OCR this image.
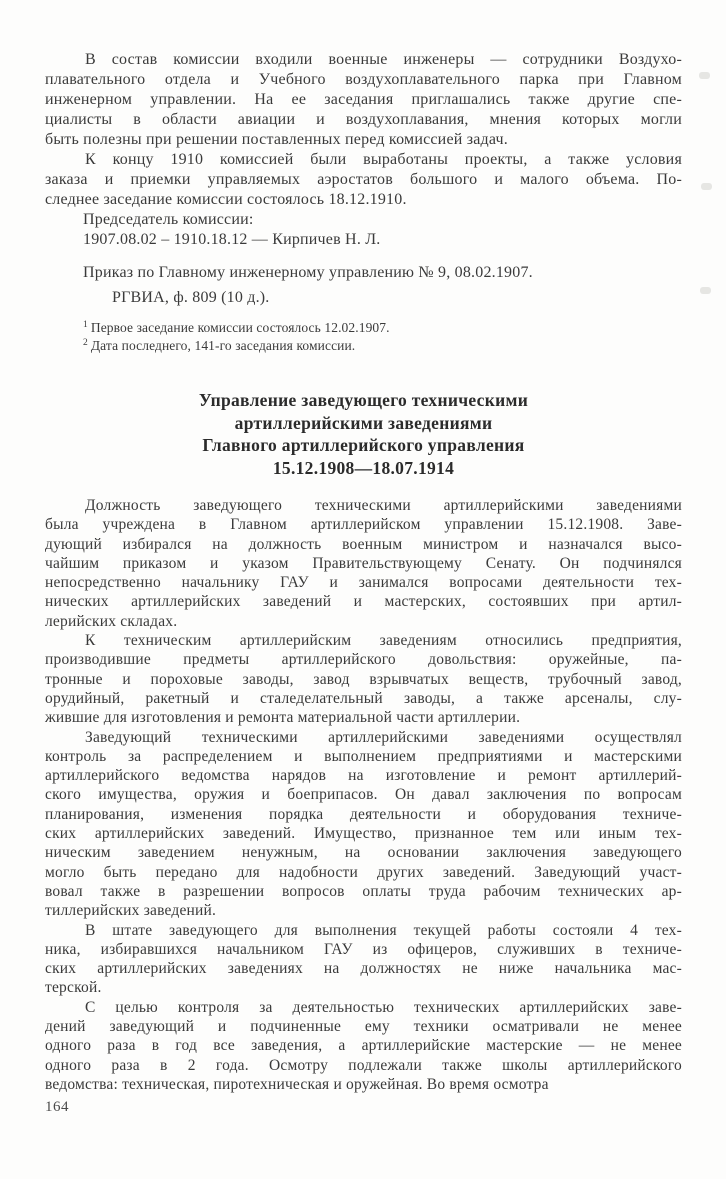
В состав комиссии входили военные инженеры — сотрудники Воздухо-
плавательного отдела и Учебного воздухоплавательного парка при Главном
инженерном управлении. На ее заседания приглашались также другие спе-
циалисты в области авиации и воздухоплавания, мнения которых могли
быть полезны при решении поставленных перед комиссией задач.
К концу 1910 комиссией были выработаны проекты, а также условия
заказа и приемки управляемых аэростатов большого и малого объема. По-
следнее заседание комиссии состоялось 18.12.1910.
Председатель комиссии:
1907.08.02 – 1910.18.12 — Кирпичев Н. Л.
Приказ по Главному инженерному управлению № 9, 08.02.1907.
РГВИА, ф. 809 (10 д.).
$^1$ Первое заседание комиссии состоялось 12.02.1907.
$^2$ Дата последнего, 141-го заседания комиссии.
Управление заведующего техническими
артиллерийскими заведениями
Главного артиллерийского управления
15.12.1908—18.07.1914
Должность заведующего техническими артиллерийскими заведениями
была учреждена в Главном артиллерийском управлении 15.12.1908. Заве-
дующий избирался на должность военным министром и назначался высо-
чайшим приказом и указом Правительствующему Сенату. Он подчинялся
непосредственно начальнику ГАУ и занимался вопросами деятельности тех-
нических артиллерийских заведений и мастерских, состоявших при артил-
лерийских складах.
К техническим артиллерийским заведениям относились предприятия,
производившие предметы артиллерийского довольствия: оружейные, па-
тронные и пороховые заводы, завод взрывчатых веществ, трубочный завод,
орудийный, ракетный и сталеделательный заводы, а также арсеналы, слу-
жившие для изготовления и ремонта материальной части артиллерии.
Заведующий техническими артиллерийскими заведениями осуществлял
контроль за распределением и выполнением предприятиями и мастерскими
артиллерийского ведомства нарядов на изготовление и ремонт артиллерий-
ского имущества, оружия и боеприпасов. Он давал заключения по вопросам
планирования, изменения порядка деятельности и оборудования техниче-
ских артиллерийских заведений. Имущество, признанное тем или иным тех-
ническим заведением ненужным, на основании заключения заведующего
могло быть передано для надобности других заведений. Заведующий участ-
вовал также в разрешении вопросов оплаты труда рабочим технических ар-
тиллерийских заведений.
В штате заведующего для выполнения текущей работы состояли 4 тех-
ника, избиравшихся начальником ГАУ из офицеров, служивших в техниче-
ских артиллерийских заведениях на должностях не ниже начальника мас-
терской.
С целью контроля за деятельностью технических артиллерийских заве-
дений заведующий и подчиненные ему техники осматривали не менее
одного раза в год все заведения, а артиллерийские мастерские — не менее
одного раза в 2 года. Осмотру подлежали также школы артиллерийского
ведомства: техническая, пиротехническая и оружейная. Во время осмотра
164
